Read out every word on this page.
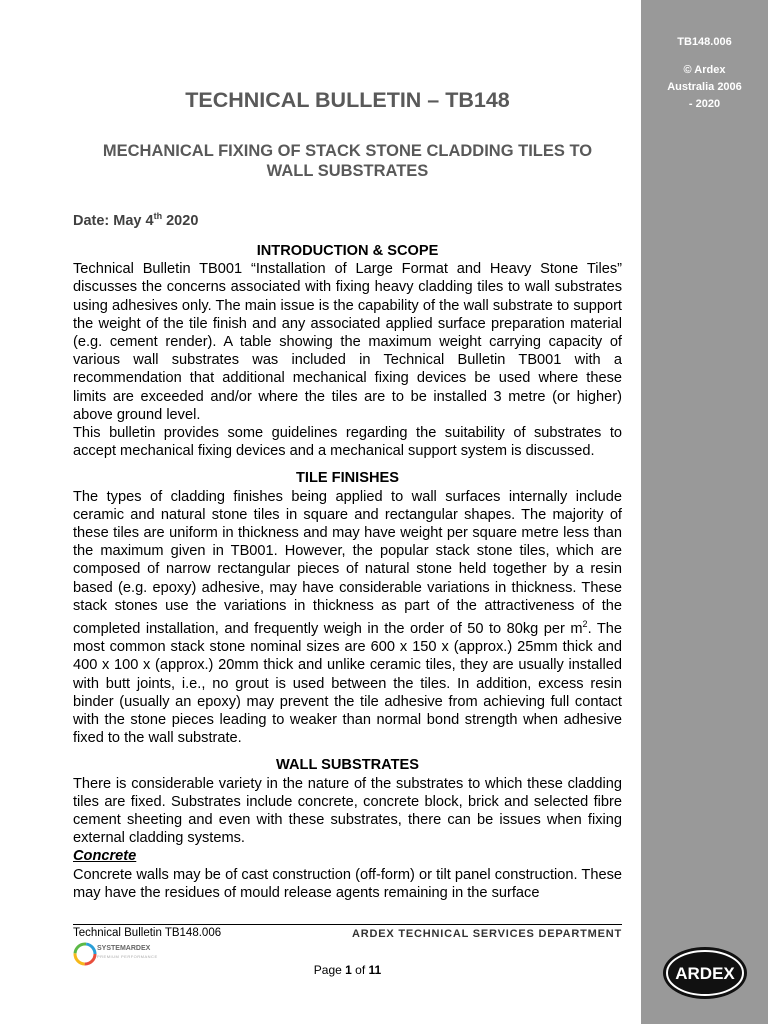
TB148.006
© Ardex
Australia 2006
- 2020
TECHNICAL BULLETIN – TB148
MECHANICAL FIXING OF STACK STONE CLADDING TILES TO
WALL SUBSTRATES
Date: May 4th 2020
INTRODUCTION & SCOPE

Technical Bulletin TB001 “Installation of Large Format and Heavy Stone Tiles” discusses the concerns associated with fixing heavy cladding tiles to wall substrates using adhesives only. The main issue is the capability of the wall substrate to support the weight of the tile finish and any associated applied surface preparation material (e.g. cement render). A table showing the maximum weight carrying capacity of various wall substrates was included in Technical Bulletin TB001 with a recommendation that additional mechanical fixing devices be used where these limits are exceeded and/or where the tiles are to be installed 3 metre (or higher) above ground level.

This bulletin provides some guidelines regarding the suitability of substrates to accept mechanical fixing devices and a mechanical support system is discussed.

TILE FINISHES

The types of cladding finishes being applied to wall surfaces internally include ceramic and natural stone tiles in square and rectangular shapes. The majority of these tiles are uniform in thickness and may have weight per square metre less than the maximum given in TB001. However, the popular stack stone tiles, which are composed of narrow rectangular pieces of natural stone held together by a resin based (e.g. epoxy) adhesive, may have considerable variations in thickness. These stack stones use the variations in thickness as part of the attractiveness of the completed installation, and frequently weigh in the order of 50 to 80kg per $m^2$. The most common stack stone nominal sizes are 600 x 150 x (approx.) 25mm thick and 400 x 100 x (approx.) 20mm thick and unlike ceramic tiles, they are usually installed with butt joints, i.e., no grout is used between the tiles. In addition, excess resin binder (usually an epoxy) may prevent the tile adhesive from achieving full contact with the stone pieces leading to weaker than normal bond strength when adhesive fixed to the wall substrate.

WALL SUBSTRATES

There is considerable variety in the nature of the substrates to which these cladding tiles are fixed. Substrates include concrete, concrete block, brick and selected fibre cement sheeting and even with these substrates, there can be issues when fixing external cladding systems.

Concrete

Concrete walls may be of cast construction (off-form) or tilt panel construction. These may have the residues of mould release agents remaining in the surface

Technical Bulletin TB148.006	ARDEX TECHNICAL SERVICES DEPARTMENT
SYSTEMARDEX
PREMIUM PERFORMANCE
Page 1 of 11	ARDEX
